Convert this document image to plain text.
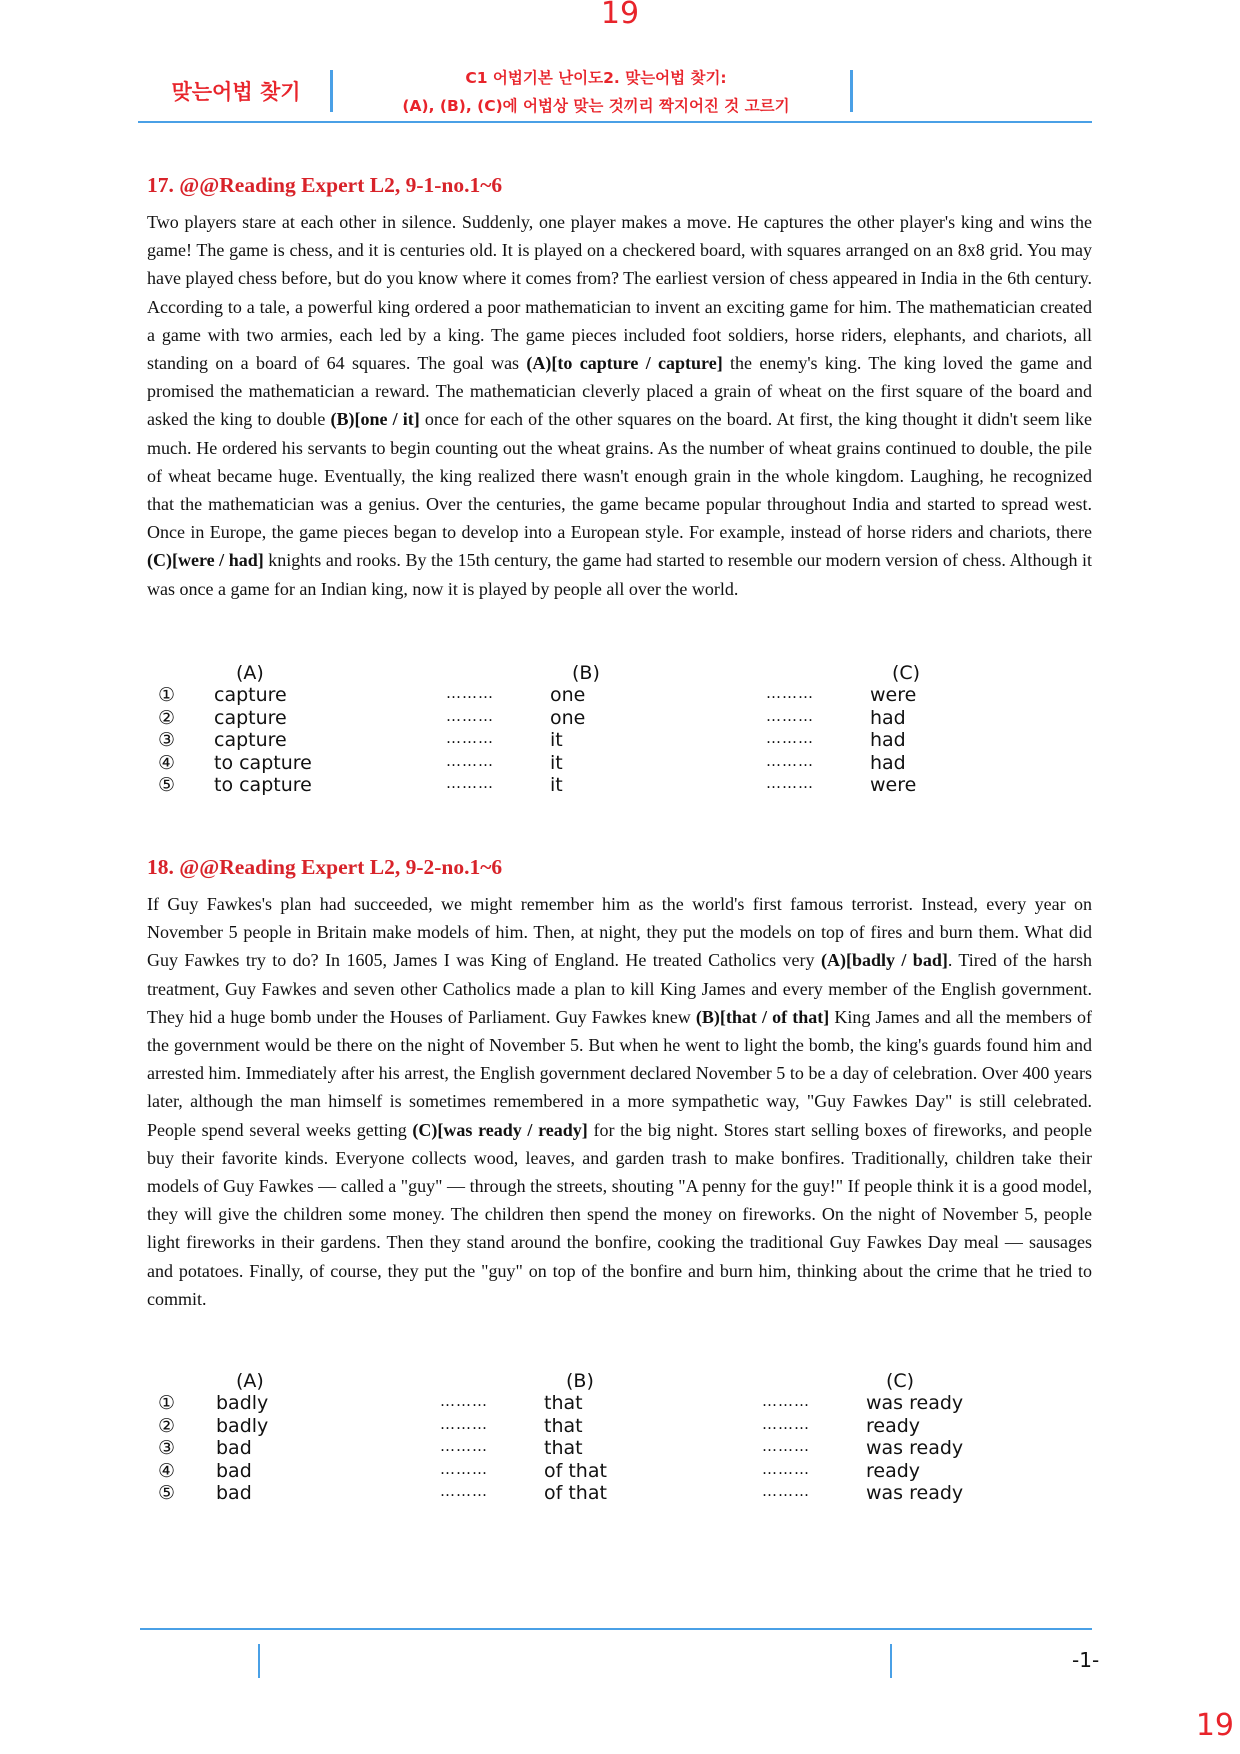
19
맞는어법 찾기
C1 어법기본 난이도2. 맞는어법 찾기:
(A), (B), (C)에 어법상 맞는 것끼리 짝지어진 것 고르기
17. @@Reading Expert L2, 9-1-no.1~6

Two players stare at each other in silence. Suddenly, one player makes a move. He captures the other player's king and wins the game! The game is chess, and it is centuries old. It is played on a checkered board, with squares arranged on an 8x8 grid. You may have played chess before, but do you know where it comes from? The earliest version of chess appeared in India in the 6th century. According to a tale, a powerful king ordered a poor mathematician to invent an exciting game for him. The mathematician created a game with two armies, each led by a king. The game pieces included foot soldiers, horse riders, elephants, and chariots, all standing on a board of 64 squares. The goal was (A)[to capture / capture] the enemy's king. The king loved the game and promised the mathematician a reward. The mathematician cleverly placed a grain of wheat on the first square of the board and asked the king to double (B)[one / it] once for each of the other squares on the board. At first, the king thought it didn't seem like much. He ordered his servants to begin counting out the wheat grains. As the number of wheat grains continued to double, the pile of wheat became huge. Eventually, the king realized there wasn't enough grain in the whole kingdom. Laughing, he recognized that the mathematician was a genius. Over the centuries, the game became popular throughout India and started to spread west. Once in Europe, the game pieces began to develop into a European style. For example, instead of horse riders and chariots, there (C)[were / had] knights and rooks. By the 15th century, the game had started to resemble our modern version of chess. Although it was once a game for an Indian king, now it is played by people all over the world.

(A)	(B)	(C)
① capture	………	one	………	were
② capture	………	one	………	had
③ capture	………	it	………	had
④ to capture	………	it	………	had
⑤ to capture	………	it	………	were
18. @@Reading Expert L2, 9-2-no.1~6

If Guy Fawkes's plan had succeeded, we might remember him as the world's first famous terrorist. Instead, every year on November 5 people in Britain make models of him. Then, at night, they put the models on top of fires and burn them. What did Guy Fawkes try to do? In 1605, James I was King of England. He treated Catholics very (A)[badly / bad]. Tired of the harsh treatment, Guy Fawkes and seven other Catholics made a plan to kill King James and every member of the English government. They hid a huge bomb under the Houses of Parliament. Guy Fawkes knew (B)[that / of that] King James and all the members of the government would be there on the night of November 5. But when he went to light the bomb, the king's guards found him and arrested him. Immediately after his arrest, the English government declared November 5 to be a day of celebration. Over 400 years later, although the man himself is sometimes remembered in a more sympathetic way, "Guy Fawkes Day" is still celebrated. People spend several weeks getting (C)[was ready / ready] for the big night. Stores start selling boxes of fireworks, and people buy their favorite kinds. Everyone collects wood, leaves, and garden trash to make bonfires. Traditionally, children take their models of Guy Fawkes — called a "guy" — through the streets, shouting "A penny for the guy!" If people think it is a good model, they will give the children some money. The children then spend the money on fireworks. On the night of November 5, people light fireworks in their gardens. Then they stand around the bonfire, cooking the traditional Guy Fawkes Day meal — sausages and potatoes. Finally, of course, they put the "guy" on top of the bonfire and burn him, thinking about the crime that he tried to commit.

(A)	(B)	(C)
① badly	………	that	………	was ready
② badly	………	that	………	ready
③ bad	………	that	………	was ready
④ bad	………	of that	………	ready
⑤ bad	………	of that	………	was ready
-1-
19
